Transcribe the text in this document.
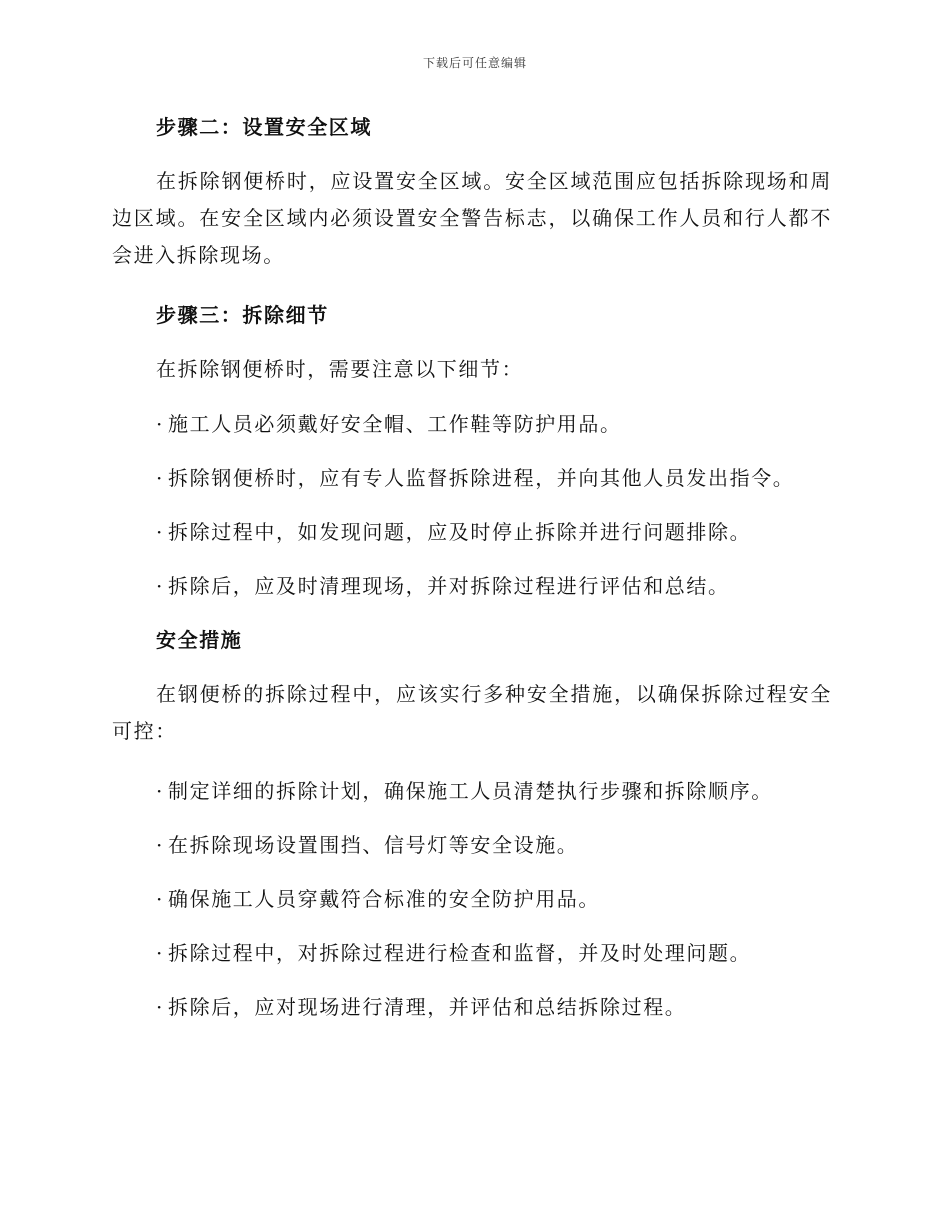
下载后可任意编辑

步骤二：设置安全区域

在拆除钢便桥时，应设置安全区域。安全区域范围应包括拆除现场和周边区域。在安全区域内必须设置安全警告标志，以确保工作人员和行人都不会进入拆除现场。

步骤三：拆除细节

在拆除钢便桥时，需要注意以下细节：

· 施工人员必须戴好安全帽、工作鞋等防护用品。

· 拆除钢便桥时，应有专人监督拆除进程，并向其他人员发出指令。

· 拆除过程中，如发现问题，应及时停止拆除并进行问题排除。

· 拆除后，应及时清理现场，并对拆除过程进行评估和总结。

安全措施

在钢便桥的拆除过程中，应该实行多种安全措施，以确保拆除过程安全可控：

· 制定详细的拆除计划，确保施工人员清楚执行步骤和拆除顺序。

· 在拆除现场设置围挡、信号灯等安全设施。

· 确保施工人员穿戴符合标准的安全防护用品。

· 拆除过程中，对拆除过程进行检查和监督，并及时处理问题。

· 拆除后，应对现场进行清理，并评估和总结拆除过程。
